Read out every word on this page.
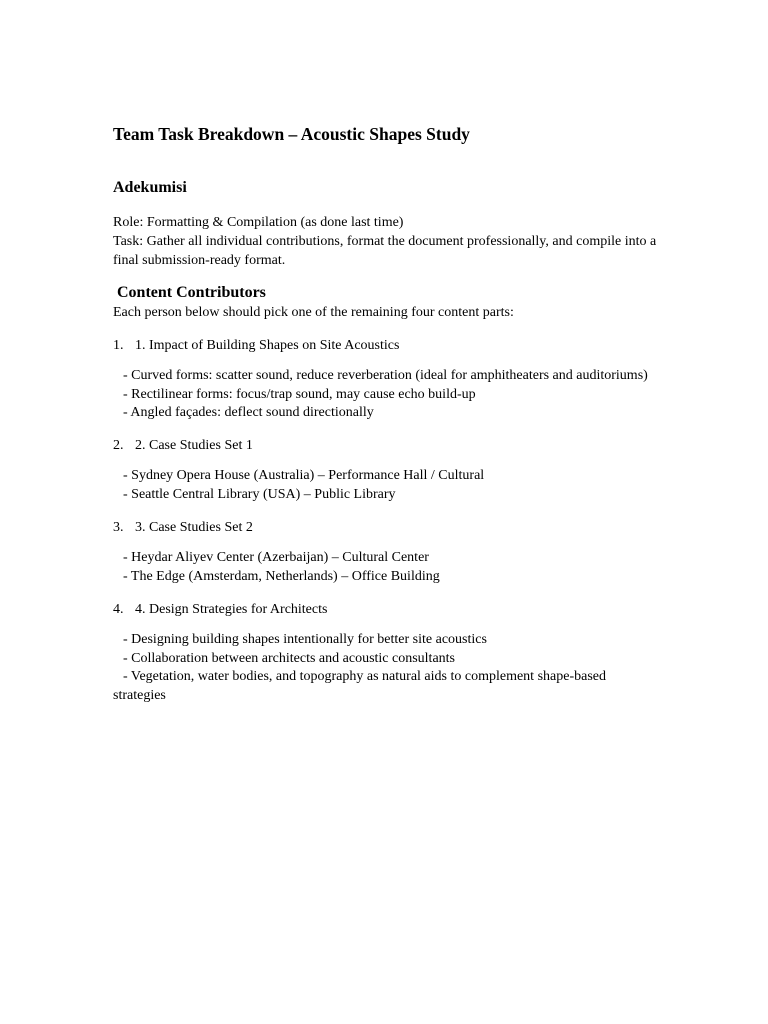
Team Task Breakdown – Acoustic Shapes Study
Adekumisi
Role: Formatting & Compilation (as done last time)
Task: Gather all individual contributions, format the document professionally, and compile into a final submission-ready format.
Content Contributors
Each person below should pick one of the remaining four content parts:
1. 1. Impact of Building Shapes on Site Acoustics
- Curved forms: scatter sound, reduce reverberation (ideal for amphitheaters and auditoriums)
- Rectilinear forms: focus/trap sound, may cause echo build-up
- Angled façades: deflect sound directionally
2. 2. Case Studies Set 1
- Sydney Opera House (Australia) – Performance Hall / Cultural
- Seattle Central Library (USA) – Public Library
3. 3. Case Studies Set 2
- Heydar Aliyev Center (Azerbaijan) – Cultural Center
- The Edge (Amsterdam, Netherlands) – Office Building
4. 4. Design Strategies for Architects
- Designing building shapes intentionally for better site acoustics
- Collaboration between architects and acoustic consultants
- Vegetation, water bodies, and topography as natural aids to complement shape-based strategies
